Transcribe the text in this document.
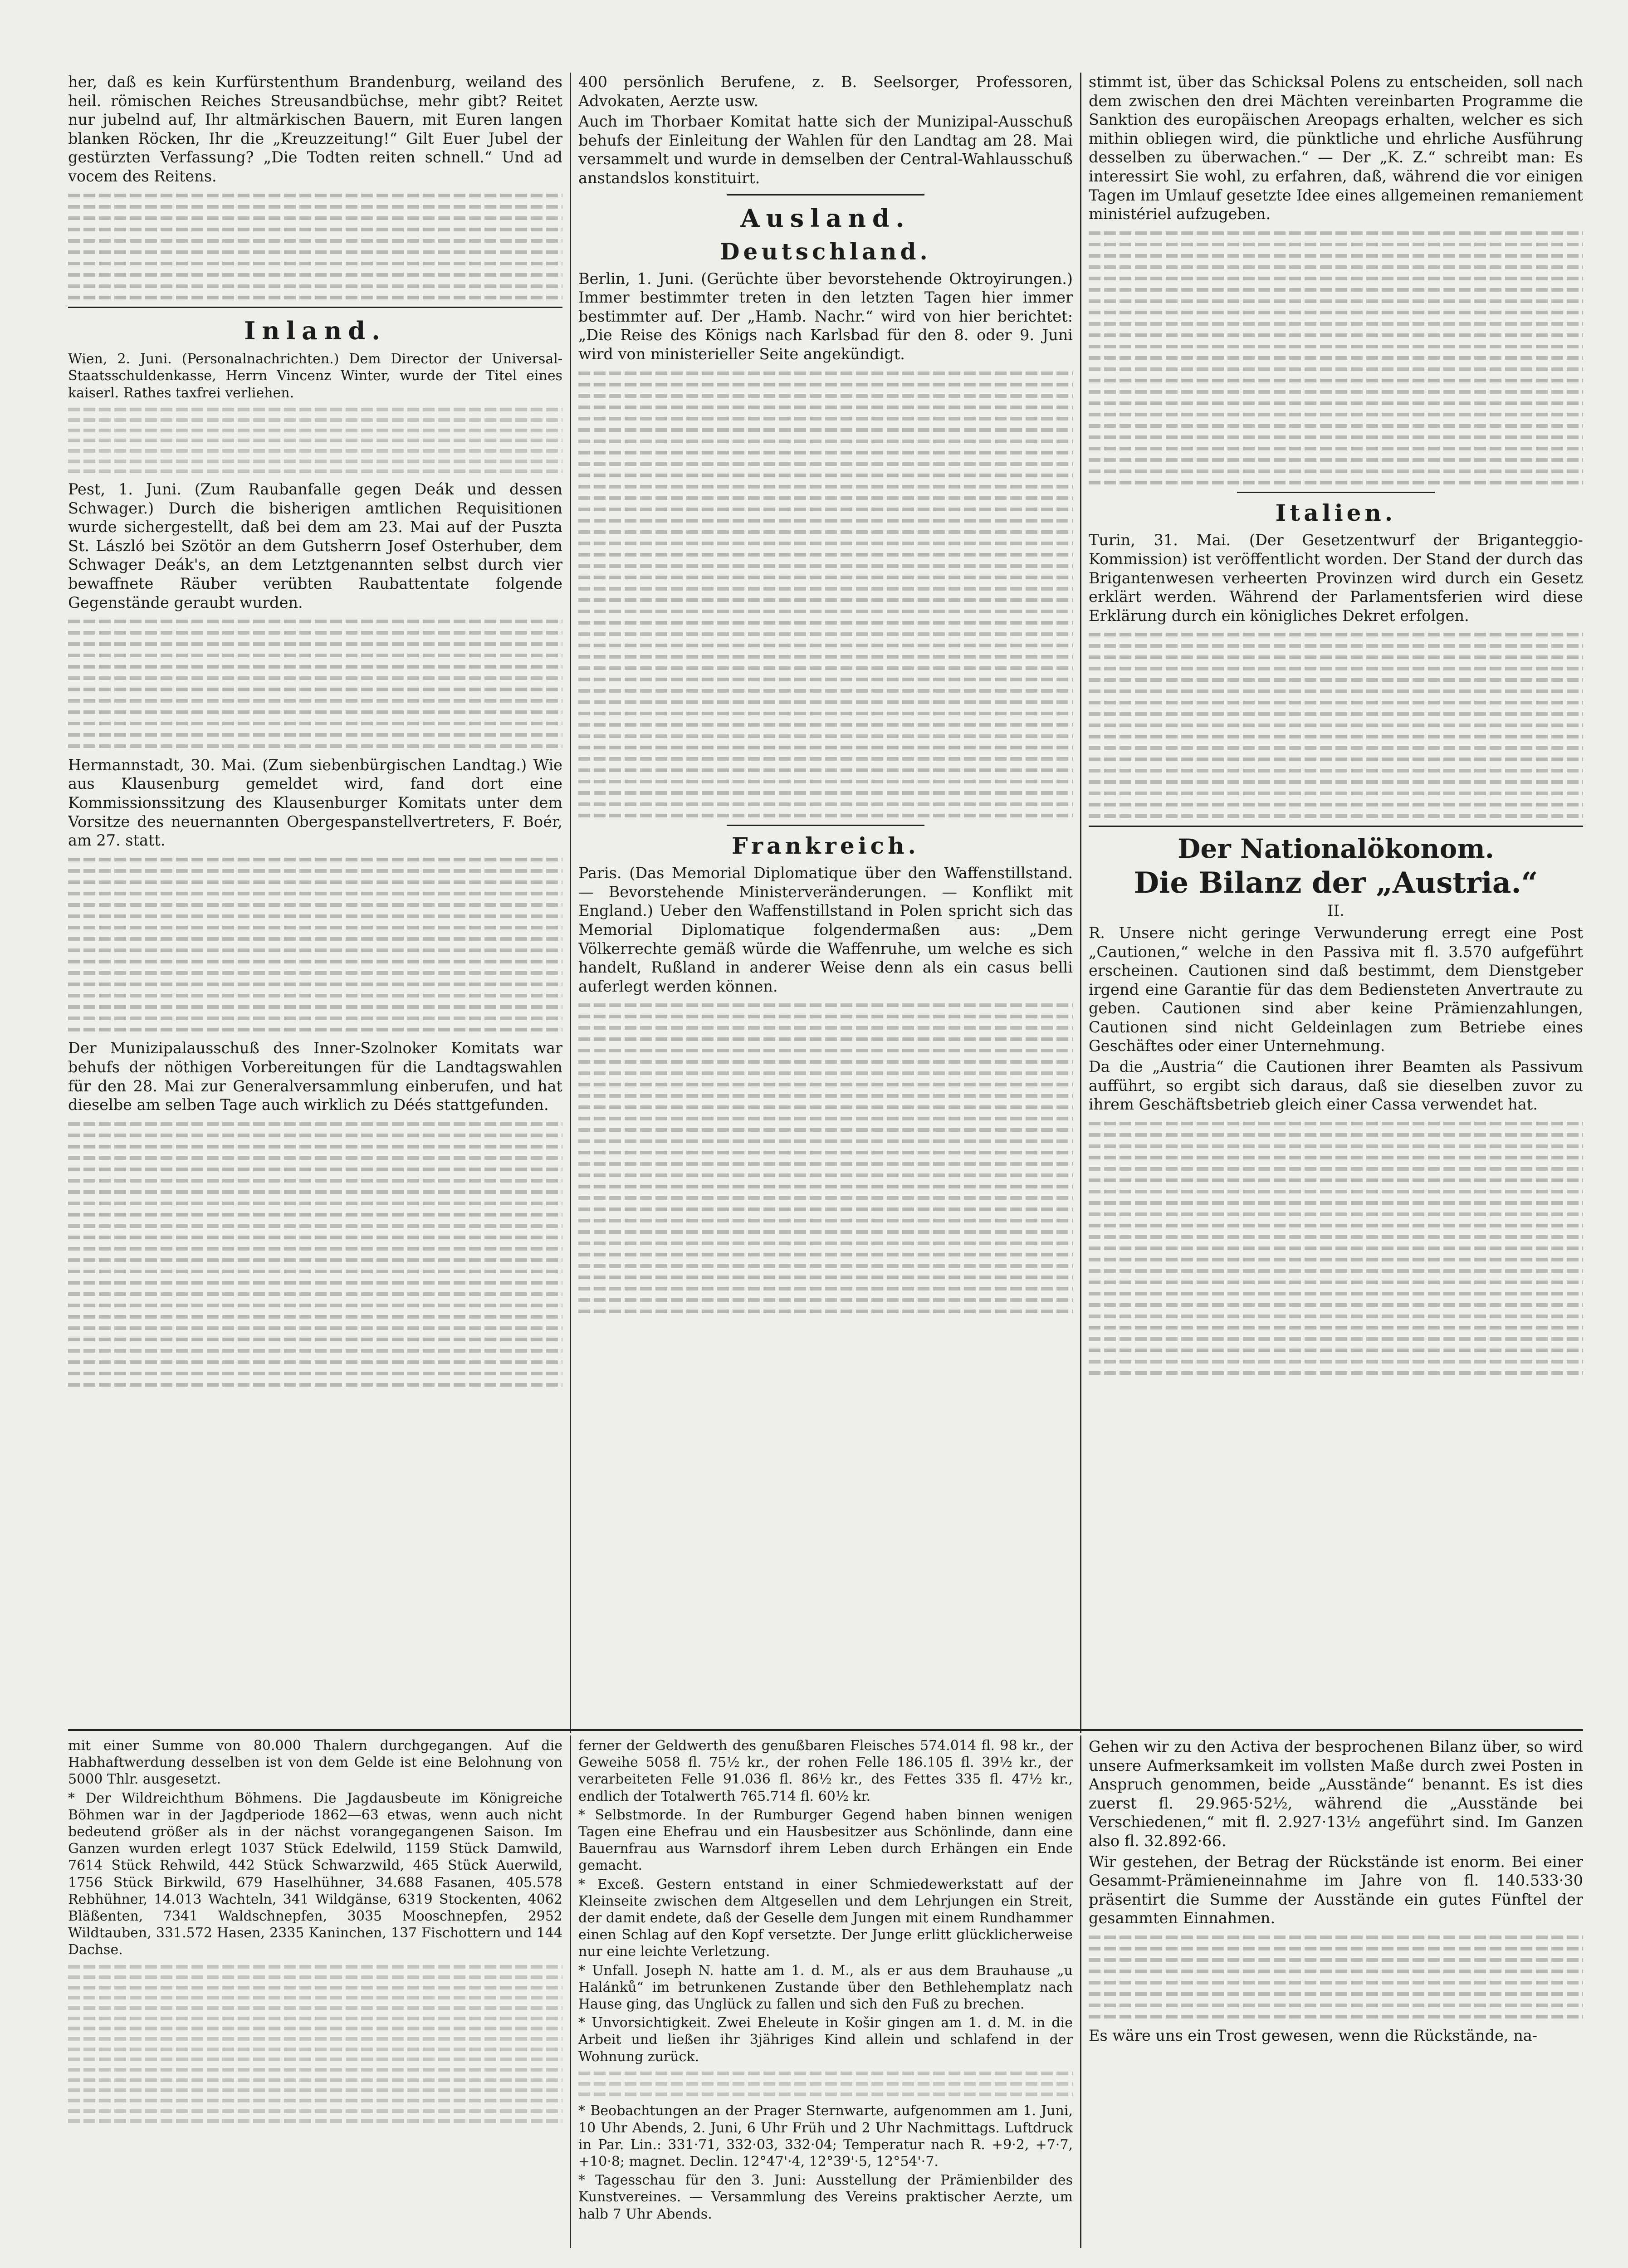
her, daß es kein Kurfürstenthum Brandenburg, weiland des heil. römischen Reiches Streusandbüchse, mehr gibt? Reitet nur jubelnd auf, Ihr altmärkischen Bauern, mit Euren langen blanken Röcken, Ihr die „Kreuzzeitung!“ Gilt Euer Jubel der gestürzten Verfassung? „Die Todten reiten schnell.“ Und ad vocem des Reitens.

Inland.

Wien, 2. Juni. (Personalnachrichten.) Dem Director der Universal-Staatsschuldenkasse, Herrn Vincenz Winter, wurde der Titel eines kaiserl. Rathes taxfrei verliehen.

Pest, 1. Juni. (Zum Raubanfalle gegen Deák und dessen Schwager.) Durch die bisherigen amtlichen Requisitionen wurde sichergestellt, daß bei dem am 23. Mai auf der Puszta St. László bei Szötör an dem Gutsherrn Josef Osterhuber, dem Schwager Deák's, an dem Letztgenannten selbst durch vier bewaffnete Räuber verübten Raubattentate folgende Gegenstände geraubt wurden.

Hermannstadt, 30. Mai. (Zum siebenbürgischen Landtag.) Wie aus Klausenburg gemeldet wird, fand dort eine Kommissionssitzung des Klausenburger Komitats unter dem Vorsitze des neuernannten Obergespanstellvertreters, F. Boér, am 27. statt.

Der Munizipalausschuß des Inner-Szolnoker Komitats war behufs der nöthigen Vorbereitungen für die Landtagswahlen für den 28. Mai zur Generalversammlung einberufen, und hat dieselbe am selben Tage auch wirklich zu Déés stattgefunden.

400 persönlich Berufene, z. B. Seelsorger, Professoren, Advokaten, Aerzte usw.

Auch im Thorbaer Komitat hatte sich der Munizipal-Ausschuß behufs der Einleitung der Wahlen für den Landtag am 28. Mai versammelt und wurde in demselben der Central-Wahlausschuß anstandslos konstituirt.

Ausland.
Deutschland.

Berlin, 1. Juni. (Gerüchte über bevorstehende Oktroyirungen.) Immer bestimmter treten in den letzten Tagen hier immer bestimmter auf. Der „Hamb. Nachr.“ wird von hier berichtet: „Die Reise des Königs nach Karlsbad für den 8. oder 9. Juni wird von ministerieller Seite angekündigt.

Frankreich.

Paris. (Das Memorial Diplomatique über den Waffenstillstand. — Bevorstehende Ministerveränderungen. — Konflikt mit England.) Ueber den Waffenstillstand in Polen spricht sich das Memorial Diplomatique folgendermaßen aus: „Dem Völkerrechte gemäß würde die Waffenruhe, um welche es sich handelt, Rußland in anderer Weise denn als ein casus belli auferlegt werden können.

stimmt ist, über das Schicksal Polens zu entscheiden, soll nach dem zwischen den drei Mächten vereinbarten Programme die Sanktion des europäischen Areopags erhalten, welcher es sich mithin obliegen wird, die pünktliche und ehrliche Ausführung desselben zu überwachen.“ — Der „K. Z.“ schreibt man: Es interessirt Sie wohl, zu erfahren, daß, während die vor einigen Tagen im Umlauf gesetzte Idee eines allgemeinen remaniement ministériel aufzugeben.

Italien.

Turin, 31. Mai. (Der Gesetzentwurf der Briganteggio-Kommission) ist veröffentlicht worden. Der Stand der durch das Brigantenwesen verheerten Provinzen wird durch ein Gesetz erklärt werden. Während der Parlamentsferien wird diese Erklärung durch ein königliches Dekret erfolgen.

Der Nationalökonom.
Die Bilanz der „Austria.“
II.

R. Unsere nicht geringe Verwunderung erregt eine Post „Cautionen,“ welche in den Passiva mit fl. 3.570 aufgeführt erscheinen. Cautionen sind daß bestimmt, dem Dienstgeber irgend eine Garantie für das dem Bediensteten Anvertraute zu geben. Cautionen sind aber keine Prämienzahlungen, Cautionen sind nicht Geldeinlagen zum Betriebe eines Geschäftes oder einer Unternehmung.

Da die „Austria“ die Cautionen ihrer Beamten als Passivum aufführt, so ergibt sich daraus, daß sie dieselben zuvor zu ihrem Geschäftsbetrieb gleich einer Cassa verwendet hat.

mit einer Summe von 80.000 Thalern durchgegangen. Auf die Habhaftwerdung desselben ist von dem Gelde ist eine Belohnung von 5000 Thlr. ausgesetzt.

* Der Wildreichthum Böhmens. Die Jagdausbeute im Königreiche Böhmen war in der Jagdperiode 1862—63 etwas, wenn auch nicht bedeutend größer als in der nächst vorangegangenen Saison. Im Ganzen wurden erlegt 1037 Stück Edelwild, 1159 Stück Damwild, 7614 Stück Rehwild, 442 Stück Schwarzwild, 465 Stück Auerwild, 1756 Stück Birkwild, 679 Haselhühner, 34.688 Fasanen, 405.578 Rebhühner, 14.013 Wachteln, 341 Wildgänse, 6319 Stockenten, 4062 Bläßenten, 7341 Waldschnepfen, 3035 Mooschnepfen, 2952 Wildtauben, 331.572 Hasen, 2335 Kaninchen, 137 Fischottern und 144 Dachse.

ferner der Geldwerth des genußbaren Fleisches 574.014 fl. 98 kr., der Geweihe 5058 fl. 75½ kr., der rohen Felle 186.105 fl. 39½ kr., der verarbeiteten Felle 91.036 fl. 86½ kr., des Fettes 335 fl. 47½ kr., endlich der Totalwerth 765.714 fl. 60½ kr.

* Selbstmorde. In der Rumburger Gegend haben binnen wenigen Tagen eine Ehefrau und ein Hausbesitzer aus Schönlinde, dann eine Bauernfrau aus Warnsdorf ihrem Leben durch Erhängen ein Ende gemacht.

* Exceß. Gestern entstand in einer Schmiedewerkstatt auf der Kleinseite zwischen dem Altgesellen und dem Lehrjungen ein Streit, der damit endete, daß der Geselle dem Jungen mit einem Rundhammer einen Schlag auf den Kopf versetzte. Der Junge erlitt glücklicherweise nur eine leichte Verletzung.

* Unfall. Joseph N. hatte am 1. d. M., als er aus dem Brauhause „u Halánků“ im betrunkenen Zustande über den Bethlehemplatz nach Hause ging, das Unglück zu fallen und sich den Fuß zu brechen.

* Unvorsichtigkeit. Zwei Eheleute in Košir gingen am 1. d. M. in die Arbeit und ließen ihr 3jähriges Kind allein und schlafend in der Wohnung zurück.

* Beobachtungen an der Prager Sternwarte, aufgenommen am 1. Juni, 10 Uhr Abends, 2. Juni, 6 Uhr Früh und 2 Uhr Nachmittags. Luftdruck in Par. Lin.: 331·71, 332·03, 332·04; Temperatur nach R. +9·2, +7·7, +10·8; magnet. Declin. 12°47'·4, 12°39'·5, 12°54'·7.

* Tagesschau für den 3. Juni: Ausstellung der Prämienbilder des Kunstvereines. — Versammlung des Vereins praktischer Aerzte, um halb 7 Uhr Abends.

Gehen wir zu den Activa der besprochenen Bilanz über, so wird unsere Aufmerksamkeit im vollsten Maße durch zwei Posten in Anspruch genommen, beide „Ausstände“ benannt. Es ist dies zuerst fl. 29.965·52½, während die „Ausstände bei Verschiedenen,“ mit fl. 2.927·13½ angeführt sind. Im Ganzen also fl. 32.892·66.

Wir gestehen, der Betrag der Rückstände ist enorm. Bei einer Gesammt-Prämieneinnahme im Jahre von fl. 140.533·30 präsentirt die Summe der Ausstände ein gutes Fünftel der gesammten Einnahmen.

Es wäre uns ein Trost gewesen, wenn die Rückstände, na-
